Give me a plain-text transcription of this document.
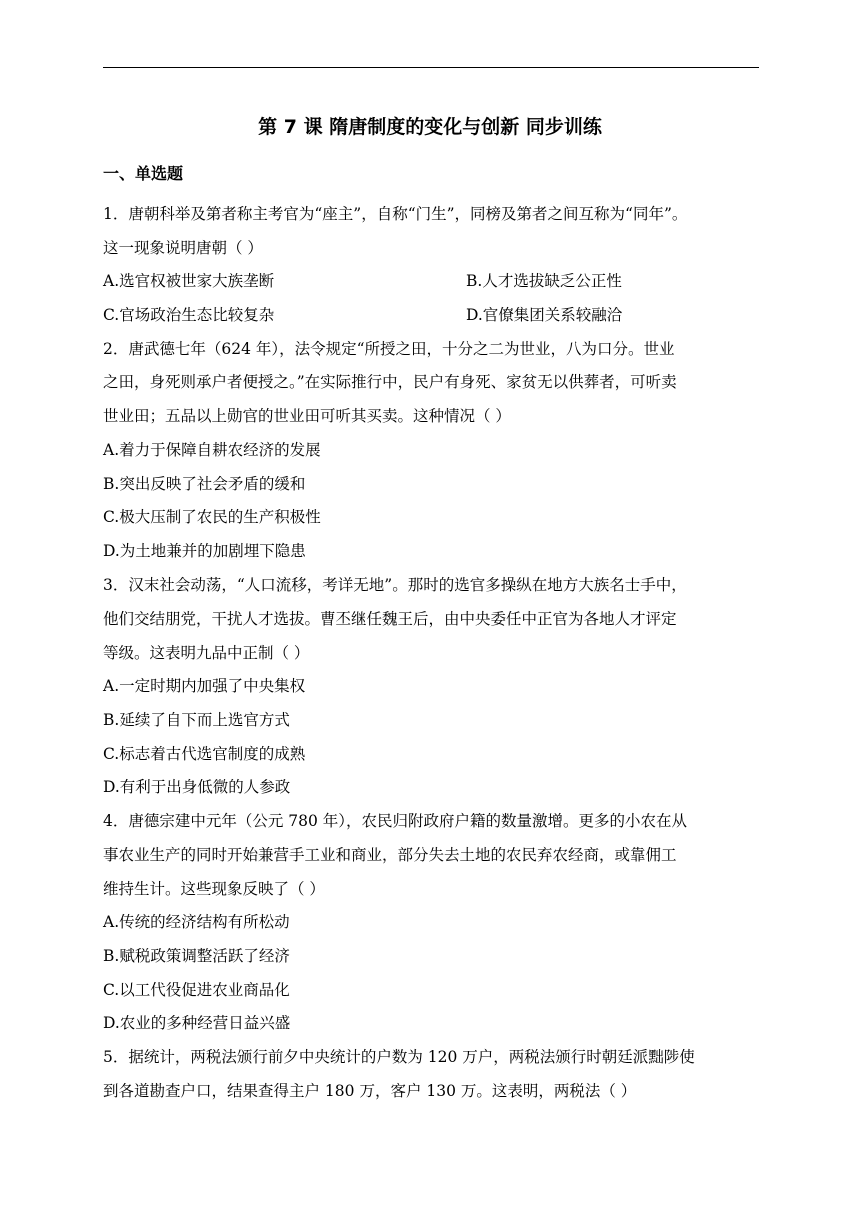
第 7 课 隋唐制度的变化与创新 同步训练
一、单选题
1．唐朝科举及第者称主考官为“座主”，自称“门生”，同榜及第者之间互称为“同年”。
这一现象说明唐朝（ ）
A.选官权被世家大族垄断	B.人才选拔缺乏公正性
C.官场政治生态比较复杂	D.官僚集团关系较融洽
2．唐武德七年（624 年），法令规定“所授之田，十分之二为世业，八为口分。世业
之田，身死则承户者便授之。”在实际推行中，民户有身死、家贫无以供葬者，可听卖
世业田；五品以上勋官的世业田可听其买卖。这种情况（ ）
A.着力于保障自耕农经济的发展
B.突出反映了社会矛盾的缓和
C.极大压制了农民的生产积极性
D.为土地兼并的加剧埋下隐患
3．汉末社会动荡，“人口流移，考详无地”。那时的选官多操纵在地方大族名士手中，
他们交结朋党，干扰人才选拔。曹丕继任魏王后，由中央委任中正官为各地人才评定
等级。这表明九品中正制（ ）
A.一定时期内加强了中央集权
B.延续了自下而上选官方式
C.标志着古代选官制度的成熟
D.有利于出身低微的人参政
4．唐德宗建中元年（公元 780 年），农民归附政府户籍的数量激增。更多的小农在从
事农业生产的同时开始兼营手工业和商业，部分失去土地的农民弃农经商，或靠佣工
维持生计。这些现象反映了（ ）
A.传统的经济结构有所松动
B.赋税政策调整活跃了经济
C.以工代役促进农业商品化
D.农业的多种经营日益兴盛
5．据统计，两税法颁行前夕中央统计的户数为 120 万户，两税法颁行时朝廷派黜陟使
到各道勘查户口，结果查得主户 180 万，客户 130 万。这表明，两税法（ ）
